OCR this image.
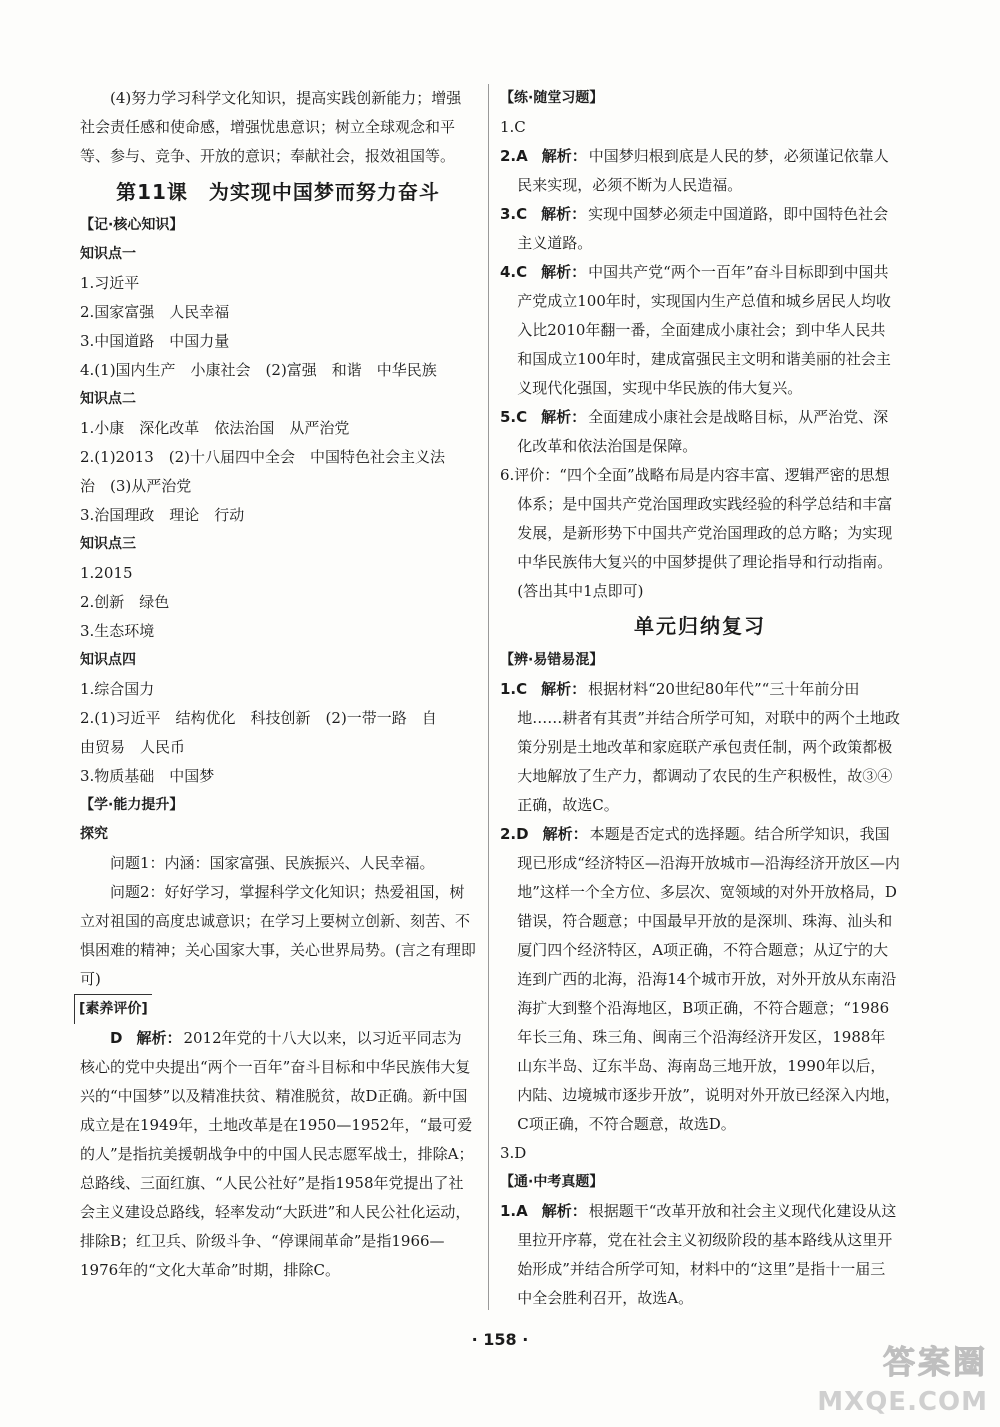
(4)努力学习科学文化知识，提高实践创新能力；增强社会责任感和使命感，增强忧患意识；树立全球观念和平等、参与、竞争、开放的意识；奉献社会，报效祖国等。

第11课　为实现中国梦而努力奋斗
【记·核心知识】
知识点一
1.习近平
2.国家富强　人民幸福
3.中国道路　中国力量
4.(1)国内生产　小康社会　(2)富强　和谐　中华民族
知识点二
1.小康　深化改革　依法治国　从严治党
2.(1)2013　(2)十八届四中全会　中国特色社会主义法
治　(3)从严治党
3.治国理政　理论　行动
知识点三
1.2015
2.创新　绿色
3.生态环境
知识点四
1.综合国力
2.(1)习近平　结构优化　科技创新　(2)一带一路　自
由贸易　人民币
3.物质基础　中国梦
【学·能力提升】
探究

问题1：内涵：国家富强、民族振兴、人民幸福。

问题2：好好学习，掌握科学文化知识；热爱祖国，树立对祖国的高度忠诚意识；在学习上要树立创新、刻苦、不惧困难的精神；关心国家大事，关心世界局势。(言之有理即可)

[素养评价]

D 解析： 2012年党的十八大以来，以习近平同志为核心的党中央提出“两个一百年”奋斗目标和中华民族伟大复兴的“中国梦”以及精准扶贫、精准脱贫，故D正确。新中国成立是在1949年，土地改革是在1950—1952年，“最可爱的人”是指抗美援朝战争中的中国人民志愿军战士，排除A；总路线、三面红旗、“人民公社好”是指1958年党提出了社会主义建设总路线，轻率发动“大跃进”和人民公社化运动，排除B；红卫兵、阶级斗争、“停课闹革命”是指1966—1976年的“文化大革命”时期，排除C。

【练·随堂习题】
1.C

2.A 解析： 中国梦归根到底是人民的梦，必须谨记依靠人民来实现，必须不断为人民造福。

3.C 解析： 实现中国梦必须走中国道路，即中国特色社会主义道路。

4.C 解析： 中国共产党“两个一百年”奋斗目标即到中国共产党成立100年时，实现国内生产总值和城乡居民人均收入比2010年翻一番，全面建成小康社会；到中华人民共和国成立100年时，建成富强民主文明和谐美丽的社会主义现代化强国，实现中华民族的伟大复兴。

5.C 解析： 全面建成小康社会是战略目标，从严治党、深化改革和依法治国是保障。

6.评价：“四个全面”战略布局是内容丰富、逻辑严密的思想体系；是中国共产党治国理政实践经验的科学总结和丰富发展，是新形势下中国共产党治国理政的总方略；为实现中华民族伟大复兴的中国梦提供了理论指导和行动指南。(答出其中1点即可)

单元归纳复习
【辨·易错易混】

1.C 解析： 根据材料“20世纪80年代”“三十年前分田地……耕者有其责”并结合所学可知，对联中的两个土地政策分别是土地改革和家庭联产承包责任制，两个政策都极大地解放了生产力，都调动了农民的生产积极性，故③④正确，故选C。

2.D 解析： 本题是否定式的选择题。结合所学知识，我国现已形成“经济特区—沿海开放城市—沿海经济开放区—内地”这样一个全方位、多层次、宽领域的对外开放格局，D错误，符合题意；中国最早开放的是深圳、珠海、汕头和厦门四个经济特区，A项正确，不符合题意；从辽宁的大连到广西的北海，沿海14个城市开放，对外开放从东南沿海扩大到整个沿海地区，B项正确，不符合题意；“1986年长三角、珠三角、闽南三个沿海经济开发区，1988年山东半岛、辽东半岛、海南岛三地开放，1990年以后，内陆、边境城市逐步开放”，说明对外开放已经深入内地，C项正确，不符合题意，故选D。

3.D
【通·中考真题】

1.A 解析： 根据题干“改革开放和社会主义现代化建设从这里拉开序幕，党在社会主义初级阶段的基本路线从这里开始形成”并结合所学可知，材料中的“这里”是指十一届三中全会胜利召开，故选A。

· 158 ·
答案圈
MXQE.COM
